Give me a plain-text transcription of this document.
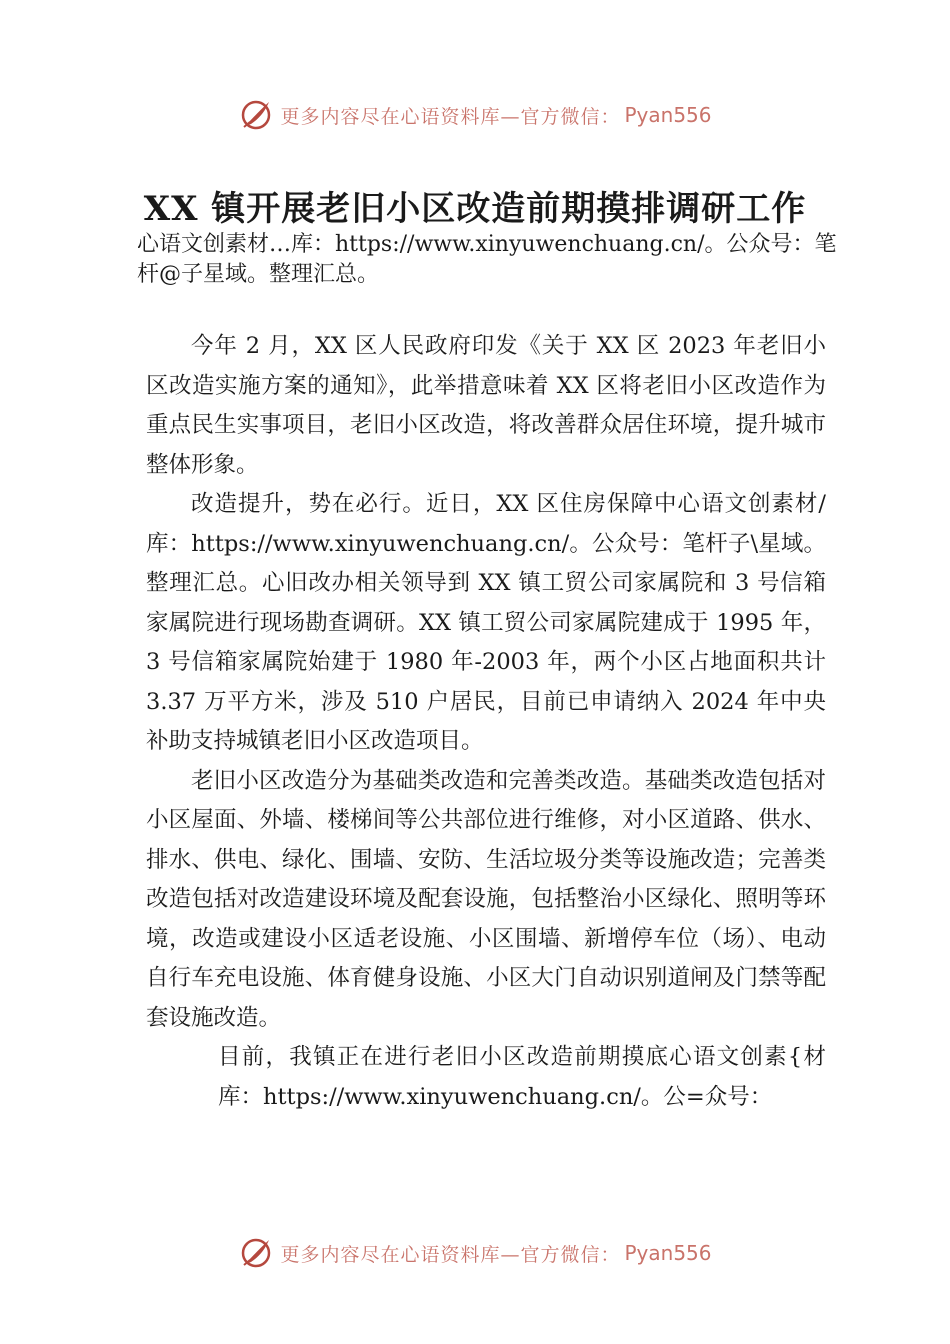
更多内容尽在心语资料库—官方微信： Pyan556
XX 镇开展老旧小区改造前期摸排调研工作

心语文创素材…库：https://www.xinyuwenchuang.cn/。公众号：笔杆@子星域。整理汇总。

今年 2 月，XX 区人民政府印发《关于 XX 区 2023 年老旧小区改造实施方案的通知》，此举措意味着 XX 区将老旧小区改造作为重点民生实事项目，老旧小区改造，将改善群众居住环境，提升城市整体形象。

改造提升，势在必行。近日，XX 区住房保障中心语文创素材/库：https://www.xinyuwenchuang.cn/。公众号：笔杆子\星域。整理汇总。心旧改办相关领导到 XX 镇工贸公司家属院和 3 号信箱家属院进行现场勘查调研。XX 镇工贸公司家属院建成于 1995 年，3 号信箱家属院始建于 1980 年-2003 年，两个小区占地面积共计 3.37 万平方米，涉及 510 户居民，目前已申请纳入 2024 年中央补助支持城镇老旧小区改造项目。

老旧小区改造分为基础类改造和完善类改造。基础类改造包括对小区屋面、外墙、楼梯间等公共部位进行维修，对小区道路、供水、排水、供电、绿化、围墙、安防、生活垃圾分类等设施改造；完善类改造包括对改造建设环境及配套设施，包括整治小区绿化、照明等环境，改造或建设小区适老设施、小区围墙、新增停车位（场）、电动自行车充电设施、体育健身设施、小区大门自动识别道闸及门禁等配套设施改造。

目前，我镇正在进行老旧小区改造前期摸底心语文创素{材库：https://www.xinyuwenchuang.cn/。公=众号：

更多内容尽在心语资料库—官方微信： Pyan556
